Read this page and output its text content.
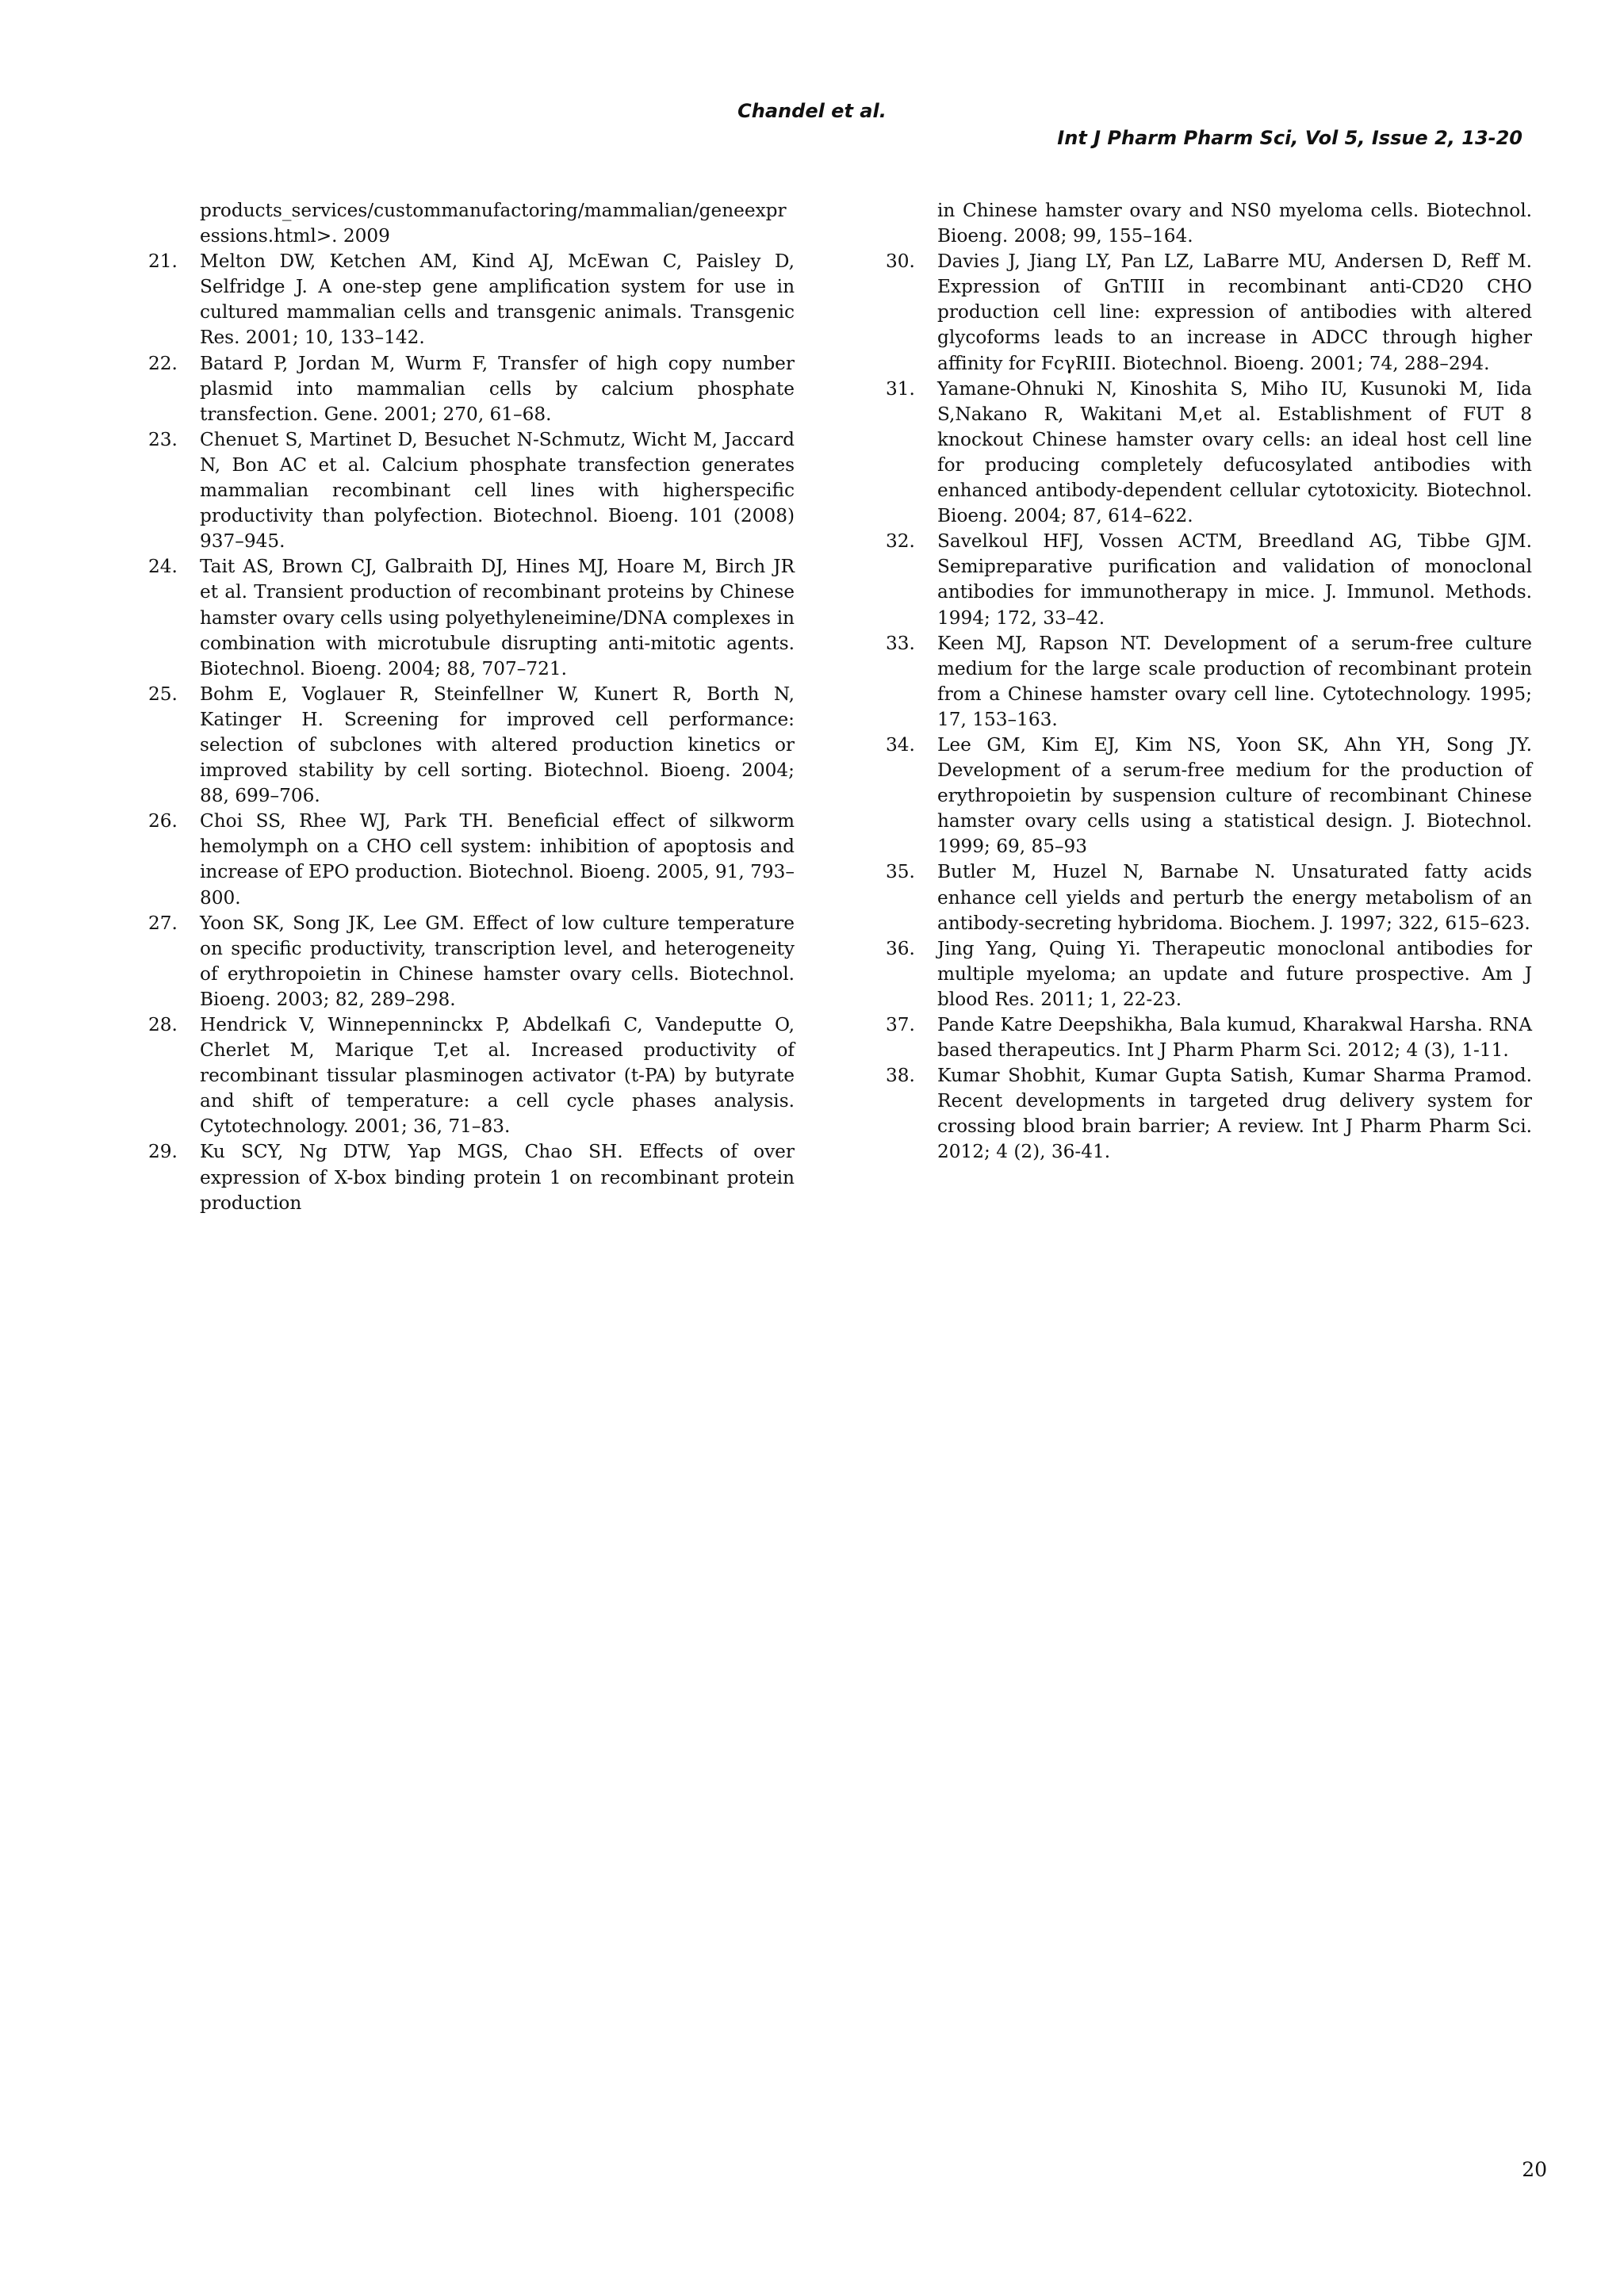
Chandel et al.
Int J Pharm Pharm Sci, Vol 5, Issue 2, 13-20
products_services/custommanufactoring/mammalian/geneexpressions.html>. 2009
21. Melton DW, Ketchen AM, Kind AJ, McEwan C, Paisley D, Selfridge J. A one-step gene amplification system for use in cultured mammalian cells and transgenic animals. Transgenic Res. 2001; 10, 133–142.
22. Batard P, Jordan M, Wurm F, Transfer of high copy number plasmid into mammalian cells by calcium phosphate transfection. Gene. 2001; 270, 61–68.
23. Chenuet S, Martinet D, Besuchet N-Schmutz, Wicht M, Jaccard N, Bon AC et al. Calcium phosphate transfection generates mammalian recombinant cell lines with higherspecific productivity than polyfection. Biotechnol. Bioeng. 101 (2008) 937–945.
24. Tait AS, Brown CJ, Galbraith DJ, Hines MJ, Hoare M, Birch JR et al. Transient production of recombinant proteins by Chinese hamster ovary cells using polyethyleneimine/DNA complexes in combination with microtubule disrupting anti-mitotic agents. Biotechnol. Bioeng. 2004; 88, 707–721.
25. Bohm E, Voglauer R, Steinfellner W, Kunert R, Borth N, Katinger H. Screening for improved cell performance: selection of subclones with altered production kinetics or improved stability by cell sorting. Biotechnol. Bioeng. 2004; 88, 699–706.
26. Choi SS, Rhee WJ, Park TH. Beneficial effect of silkworm hemolymph on a CHO cell system: inhibition of apoptosis and increase of EPO production. Biotechnol. Bioeng. 2005, 91, 793–800.
27. Yoon SK, Song JK, Lee GM. Effect of low culture temperature on specific productivity, transcription level, and heterogeneity of erythropoietin in Chinese hamster ovary cells. Biotechnol. Bioeng. 2003; 82, 289–298.
28. Hendrick V, Winnepenninckx P, Abdelkafi C, Vandeputte O, Cherlet M, Marique T,et al. Increased productivity of recombinant tissular plasminogen activator (t-PA) by butyrate and shift of temperature: a cell cycle phases analysis. Cytotechnology. 2001; 36, 71–83.
29. Ku SCY, Ng DTW, Yap MGS, Chao SH. Effects of over expression of X-box binding protein 1 on recombinant protein production
in Chinese hamster ovary and NS0 myeloma cells. Biotechnol. Bioeng. 2008; 99, 155–164.
30. Davies J, Jiang LY, Pan LZ, LaBarre MU, Andersen D, Reff M. Expression of GnTIII in recombinant anti-CD20 CHO production cell line: expression of antibodies with altered glycoforms leads to an increase in ADCC through higher affinity for FcγRIII. Biotechnol. Bioeng. 2001; 74, 288–294.
31. Yamane-Ohnuki N, Kinoshita S, Miho IU, Kusunoki M, Iida S,Nakano R, Wakitani M,et al. Establishment of FUT 8 knockout Chinese hamster ovary cells: an ideal host cell line for producing completely defucosylated antibodies with enhanced antibody-dependent cellular cytotoxicity. Biotechnol. Bioeng. 2004; 87, 614–622.
32. Savelkoul HFJ, Vossen ACTM, Breedland AG, Tibbe GJM. Semipreparative purification and validation of monoclonal antibodies for immunotherapy in mice. J. Immunol. Methods. 1994; 172, 33–42.
33. Keen MJ, Rapson NT. Development of a serum-free culture medium for the large scale production of recombinant protein from a Chinese hamster ovary cell line. Cytotechnology. 1995; 17, 153–163.
34. Lee GM, Kim EJ, Kim NS, Yoon SK, Ahn YH, Song JY. Development of a serum-free medium for the production of erythropoietin by suspension culture of recombinant Chinese hamster ovary cells using a statistical design. J. Biotechnol. 1999; 69, 85–93
35. Butler M, Huzel N, Barnabe N. Unsaturated fatty acids enhance cell yields and perturb the energy metabolism of an antibody-secreting hybridoma. Biochem. J. 1997; 322, 615–623.
36. Jing Yang, Quing Yi. Therapeutic monoclonal antibodies for multiple myeloma; an update and future prospective. Am J blood Res. 2011; 1, 22-23.
37. Pande Katre Deepshikha, Bala kumud, Kharakwal Harsha. RNA based therapeutics. Int J Pharm Pharm Sci. 2012; 4 (3), 1-11.
38. Kumar Shobhit, Kumar Gupta Satish, Kumar Sharma Pramod. Recent developments in targeted drug delivery system for crossing blood brain barrier; A review. Int J Pharm Pharm Sci. 2012; 4 (2), 36-41.
20
